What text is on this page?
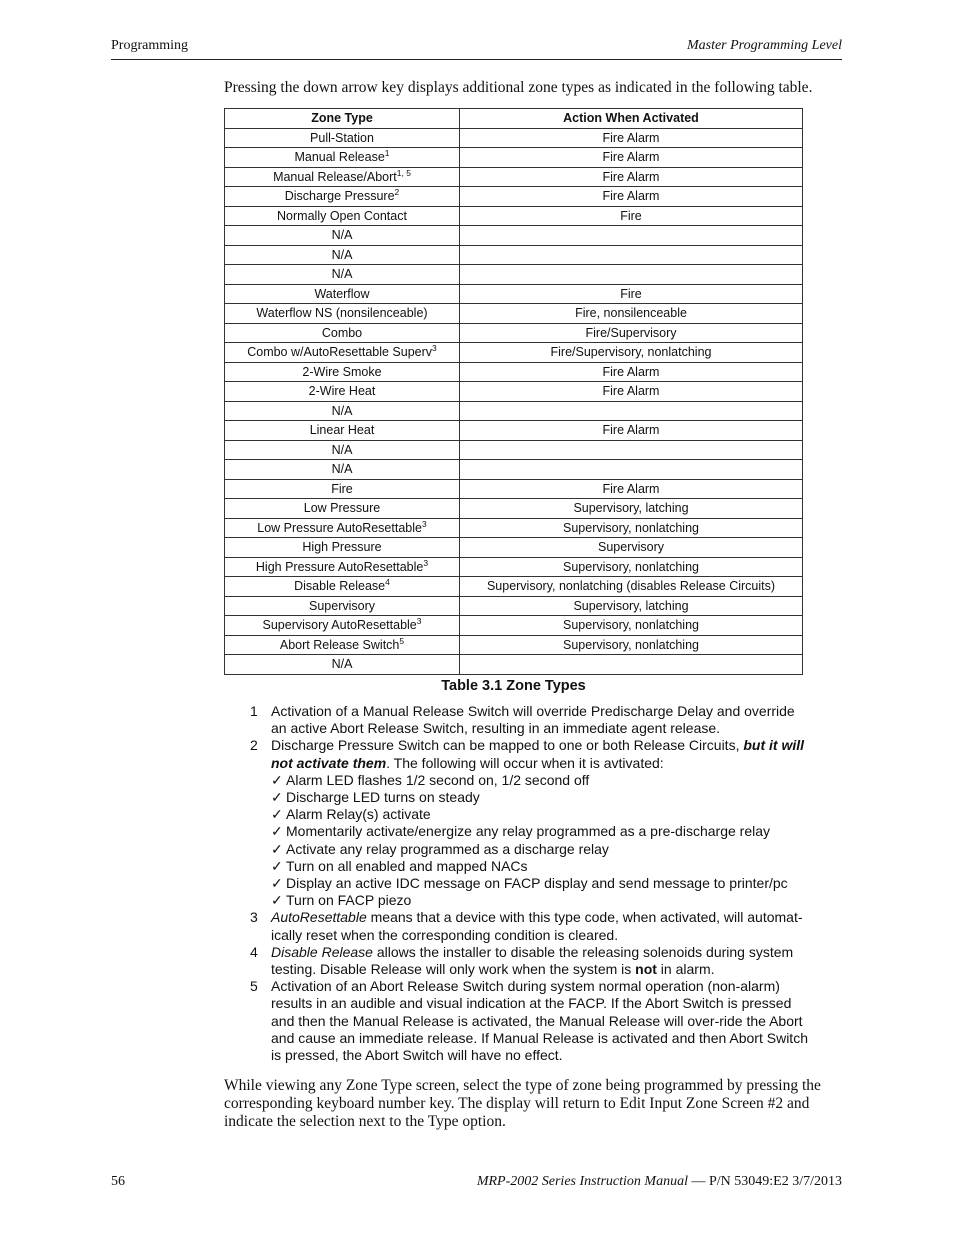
Programming	Master Programming Level
Pressing the down arrow key displays additional zone types as indicated in the following table.
Zone Type	Action When Activated
Pull-Station	Fire Alarm
Manual Release$^1$	Fire Alarm
Manual Release/Abort$^{1, 5}$	Fire Alarm
Discharge Pressure$^2$	Fire Alarm
Normally Open Contact	Fire
N/A	
N/A	
N/A	
Waterflow	Fire
Waterflow NS (nonsilenceable)	Fire, nonsilenceable
Combo	Fire/Supervisory
Combo w/AutoResettable Superv$^3$	Fire/Supervisory, nonlatching
2-Wire Smoke	Fire Alarm
2-Wire Heat	Fire Alarm
N/A	
Linear Heat	Fire Alarm
N/A	
N/A	
Fire	Fire Alarm
Low Pressure	Supervisory, latching
Low Pressure AutoResettable$^3$	Supervisory, nonlatching
High Pressure	Supervisory
High Pressure AutoResettable$^3$	Supervisory, nonlatching
Disable Release$^4$	Supervisory, nonlatching (disables Release Circuits)
Supervisory	Supervisory, latching
Supervisory AutoResettable$^3$	Supervisory, nonlatching
Abort Release Switch$^5$	Supervisory, nonlatching
N/A	
Table 3.1 Zone Types
1 Activation of a Manual Release Switch will override Predischarge Delay and override an active Abort Release Switch, resulting in an immediate agent release.
2 Discharge Pressure Switch can be mapped to one or both Release Circuits, but it will not activate them. The following will occur when it is avtivated:
✓ Alarm LED flashes 1/2 second on, 1/2 second off
✓ Discharge LED turns on steady
✓ Alarm Relay(s) activate
✓ Momentarily activate/energize any relay programmed as a pre-discharge relay
✓ Activate any relay programmed as a discharge relay
✓ Turn on all enabled and mapped NACs
✓ Display an active IDC message on FACP display and send message to printer/pc
✓ Turn on FACP piezo
3 AutoResettable means that a device with this type code, when activated, will automat-ically reset when the corresponding condition is cleared.
4 Disable Release allows the installer to disable the releasing solenoids during system testing. Disable Release will only work when the system is not in alarm.
5 Activation of an Abort Release Switch during system normal operation (non-alarm) results in an audible and visual indication at the FACP. If the Abort Switch is pressed and then the Manual Release is activated, the Manual Release will over-ride the Abort and cause an immediate release. If Manual Release is activated and then Abort Switch is pressed, the Abort Switch will have no effect.
While viewing any Zone Type screen, select the type of zone being programmed by pressing the corresponding keyboard number key. The display will return to Edit Input Zone Screen #2 and indicate the selection next to the Type option.
56	MRP-2002 Series Instruction Manual — P/N 53049:E2 3/7/2013
